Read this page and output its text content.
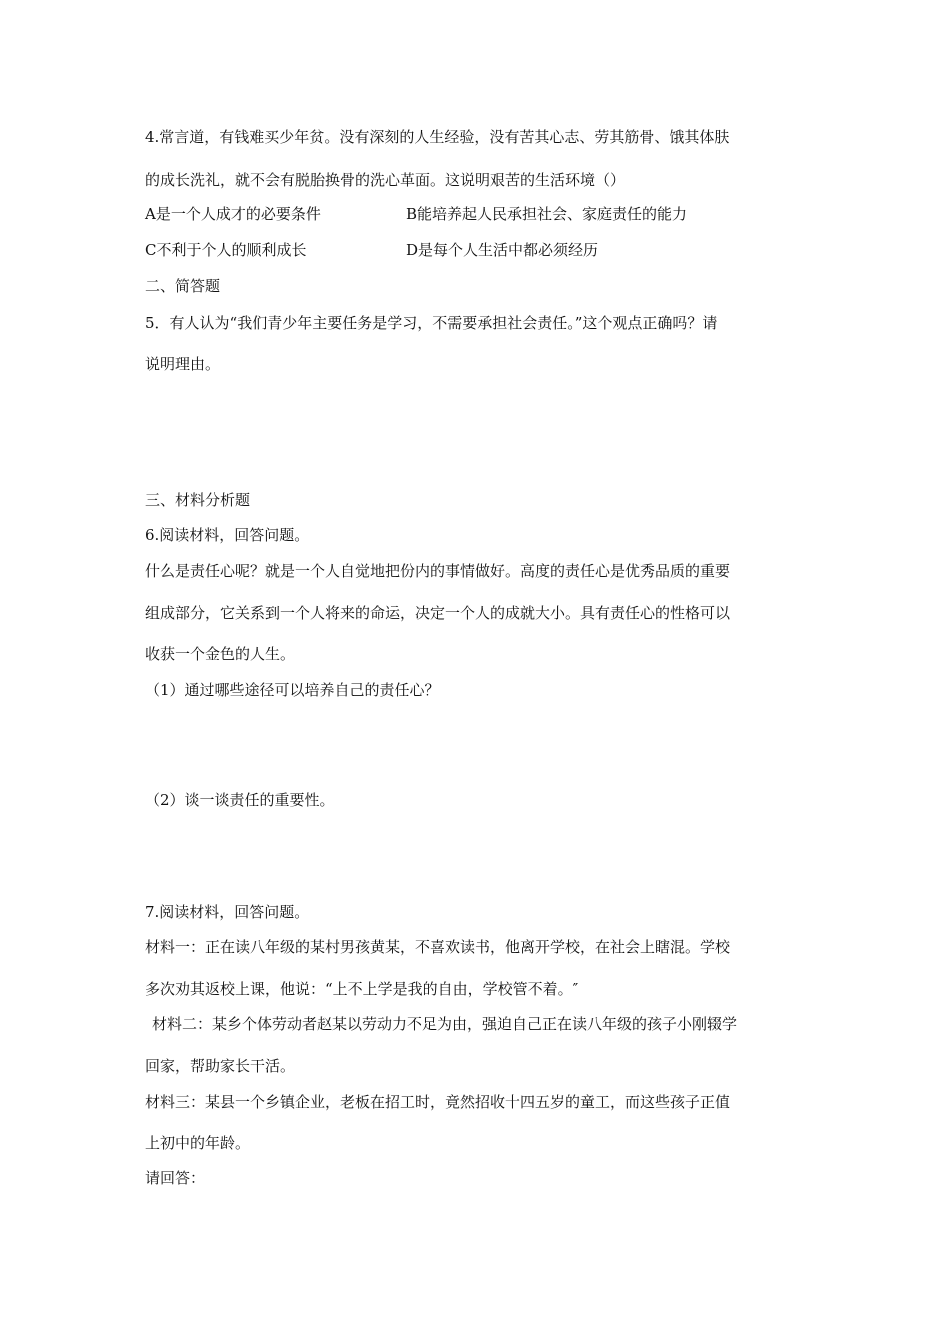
4.常言道，有钱难买少年贫。没有深刻的人生经验，没有苦其心志、劳其筋骨、饿其体肤
的成长洗礼，就不会有脱胎换骨的洗心革面。这说明艰苦的生活环境（）
A是一个人成才的必要条件	B能培养起人民承担社会、家庭责任的能力
C不利于个人的顺利成长	D是每个人生活中都必须经历
二、简答题
5．有人认为“我们青少年主要任务是学习，不需要承担社会责任。”这个观点正确吗？请
说明理由。
三、材料分析题
6.阅读材料，回答问题。
什么是责任心呢？就是一个人自觉地把份内的事情做好。高度的责任心是优秀品质的重要
组成部分，它关系到一个人将来的命运，决定一个人的成就大小。具有责任心的性格可以
收获一个金色的人生。
（1）通过哪些途径可以培养自己的责任心？
（2）谈一谈责任的重要性。
7.阅读材料，回答问题。
材料一：正在读八年级的某村男孩黄某，不喜欢读书，他离开学校，在社会上瞎混。学校
多次劝其返校上课，他说：“上不上学是我的自由，学校管不着。″
材料二：某乡个体劳动者赵某以劳动力不足为由，强迫自己正在读八年级的孩子小刚辍学
回家，帮助家长干活。
材料三：某县一个乡镇企业，老板在招工时，竟然招收十四五岁的童工，而这些孩子正值
上初中的年龄。
请回答：
